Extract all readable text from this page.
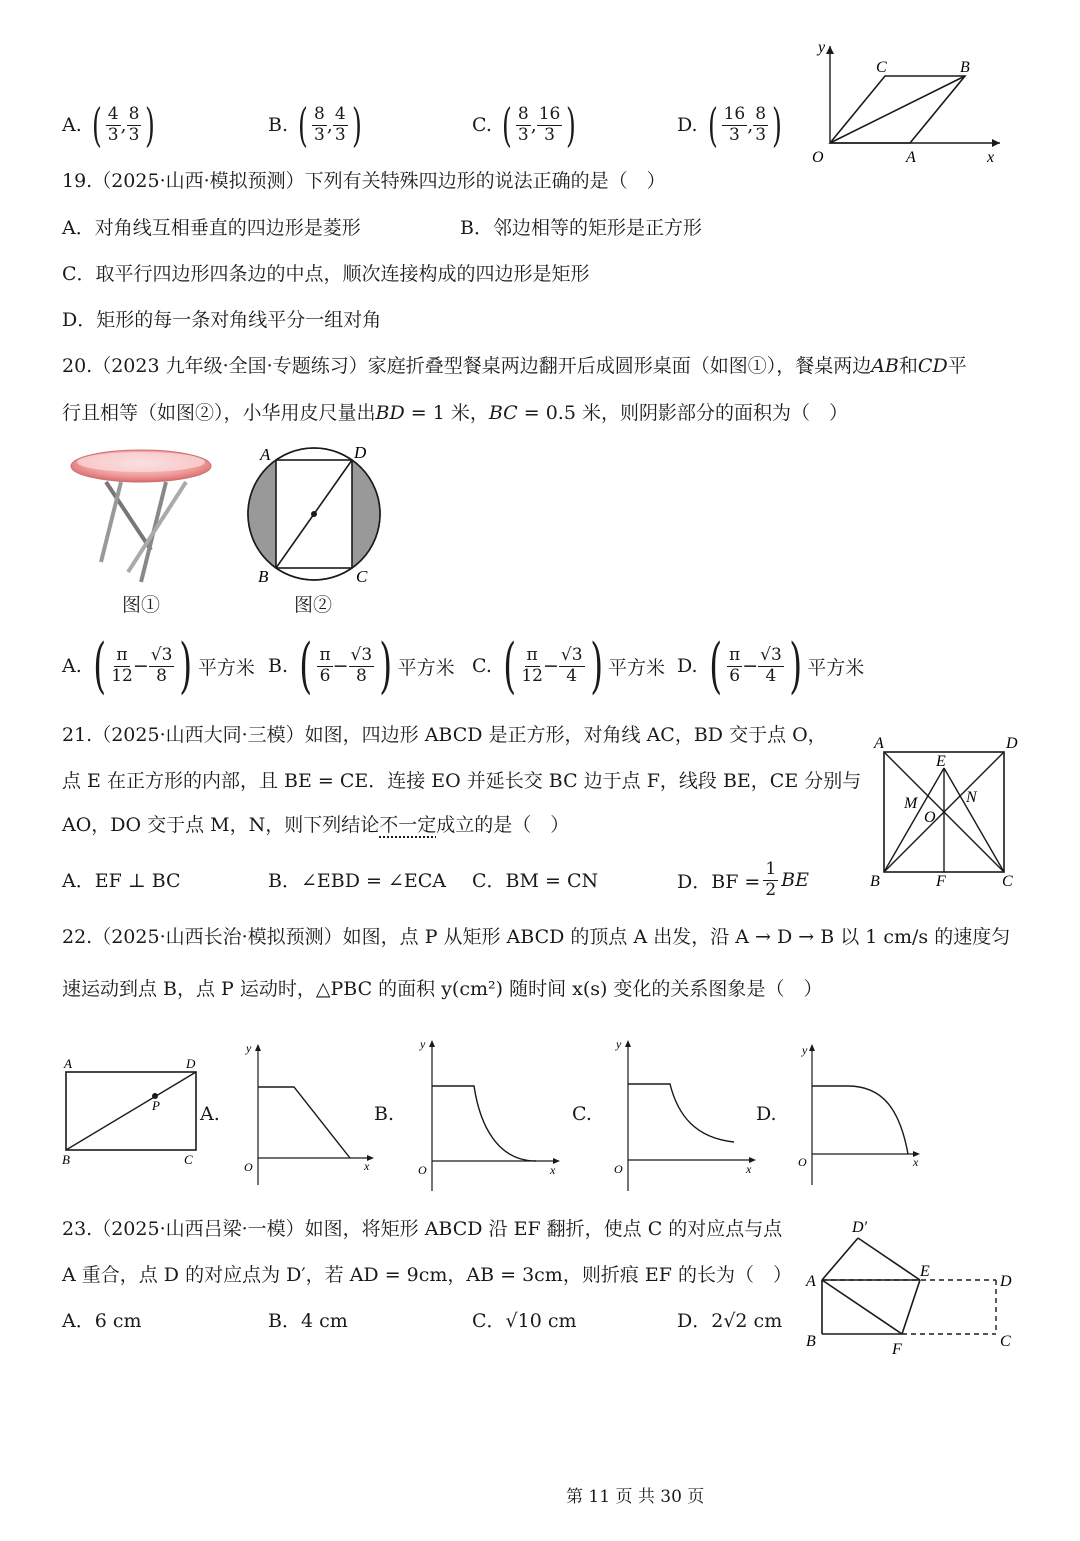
A. ( $\frac{4}{3}$ , $\frac{8}{3}$ )	B. ( $\frac{8}{3}$ , $\frac{4}{3}$ )	C. ( $\frac{8}{3}$ , $\frac{16}{3}$ )	D. ( $\frac{16}{3}$ , $\frac{8}{3}$ )
y
x
O	A
B
C
19.（2025·山西·模拟预测）下列有关特殊四边形的说法正确的是（　）
A．对角线互相垂直的四边形是菱形	B．邻边相等的矩形是正方形
C．取平行四边形四条边的中点，顺次连接构成的四边形是矩形
D．矩形的每一条对角线平分一组对角
20.（2023 九年级·全国·专题练习）家庭折叠型餐桌两边翻开后成圆形桌面（如图①），餐桌两边AB和CD平
行且相等（如图②），小华用皮尺量出BD = 1 米，BC = 0.5 米，则阴影部分的面积为（　）
图①
A	D
B	C
图②
A. ( $\frac{\pi}{12} - \frac{√3}{8}$ ) 平方米 B. ( $\frac{\pi}{6} - \frac{√3}{8}$ ) 平方米 C. ( $\frac{\pi}{12} - \frac{√3}{4}$ ) 平方米 D. ( $\frac{\pi}{6} - \frac{√3}{4}$ ) 平方米
21.（2025·山西大同·三模）如图，四边形 ABCD 是正方形，对角线 AC，BD 交于点 O，
点 E 在正方形的内部，且 BE = CE．连接 EO 并延长交 BC 边于点 F，线段 BE，CE 分别与
AO，DO 交于点 M，N，则下列结论不一定成立的是（　）
A．EF ⊥ BC	B．∠EBD = ∠ECA C．BM = CN	D．BF = $\frac{1}{2}$ BE
A	D
B	C
E
F
M	N
O
22.（2025·山西长治·模拟预测）如图，点 P 从矩形 ABCD 的顶点 A 出发，沿 A → D → B 以 1 cm/s 的速度匀
速运动到点 B，点 P 运动时，△PBC 的面积 y(cm²) 随时间 x(s) 变化的关系图象是（　）
A	D
B	C
P A.
y
x
O
B.
y
x
O
C.
y
x
O
D.
y
x
O
23.（2025·山西吕梁·一模）如图，将矩形 ABCD 沿 EF 翻折，使点 C 的对应点与点
A 重合，点 D 的对应点为 D′，若 AD = 9cm，AB = 3cm，则折痕 EF 的长为（　）
A．6 cm	B．4 cm	C．√10 cm	D．2√2 cm
D′
A
E
D
B	F	C
第 11 页 共 30 页
